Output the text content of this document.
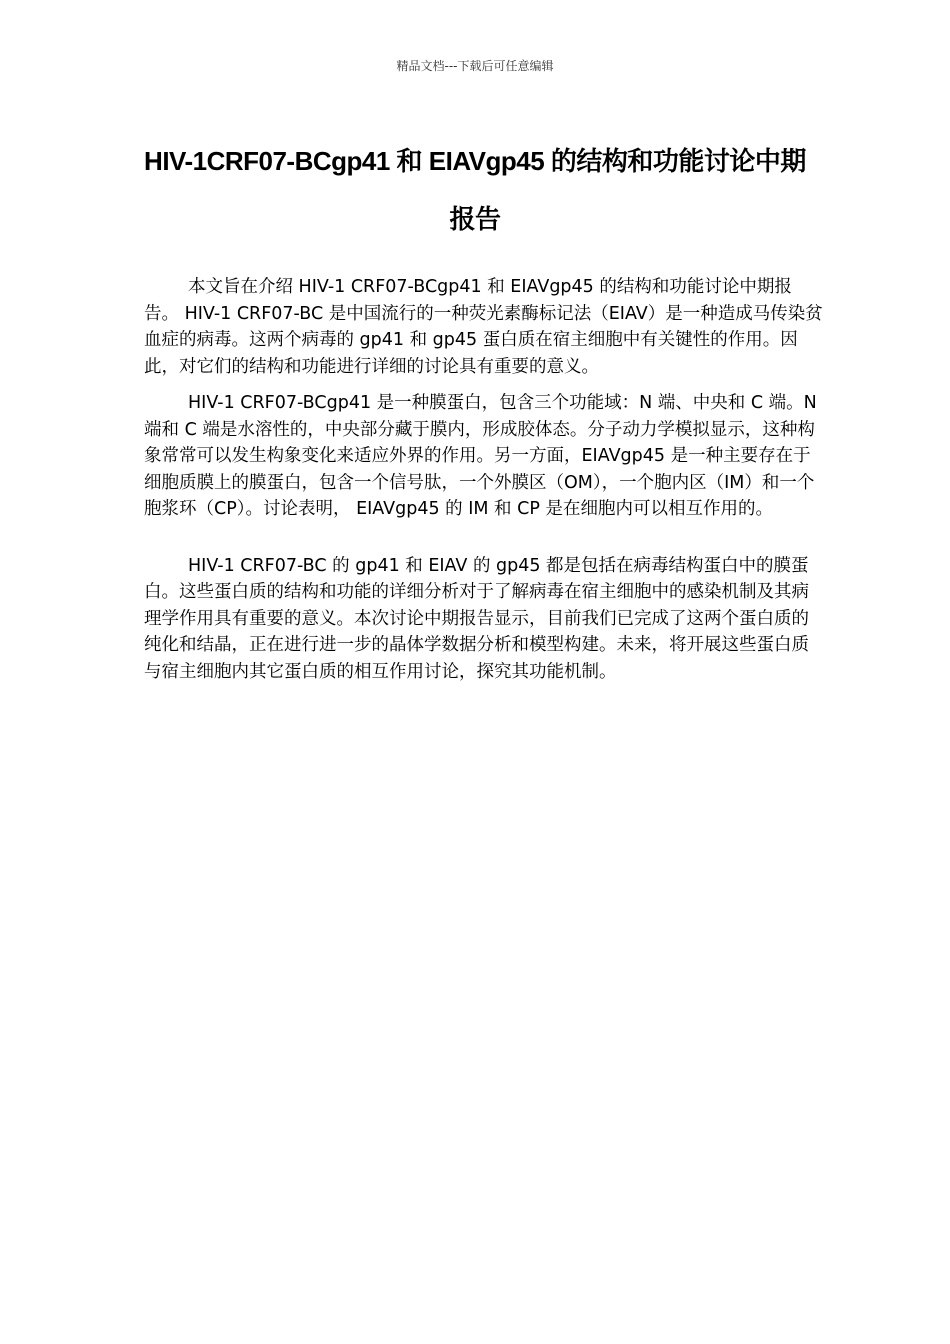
精品文档---下载后可任意编辑
HIV-1CRF07-BCgp41 和 EIAVgp45 的结构和功能讨论中期报告

本文旨在介绍 HIV-1 CRF07-BCgp41 和 EIAVgp45 的结构和功能讨论中期报告。 HIV-1 CRF07-BC 是中国流行的一种荧光素酶标记法（EIAV）是一种造成马传染贫血症的病毒。这两个病毒的 gp41 和 gp45 蛋白质在宿主细胞中有关键性的作用。因此，对它们的结构和功能进行详细的讨论具有重要的意义。

HIV-1 CRF07-BCgp41 是一种膜蛋白，包含三个功能域：N 端、中央和 C 端。N 端和 C 端是水溶性的，中央部分藏于膜内，形成胶体态。分子动力学模拟显示，这种构象常常可以发生构象变化来适应外界的作用。另一方面，EIAVgp45 是一种主要存在于细胞质膜上的膜蛋白，包含一个信号肽，一个外膜区（OM），一个胞内区（IM）和一个胞浆环（CP）。讨论表明， EIAVgp45 的 IM 和 CP 是在细胞内可以相互作用的。

HIV-1 CRF07-BC 的 gp41 和 EIAV 的 gp45 都是包括在病毒结构蛋白中的膜蛋白。这些蛋白质的结构和功能的详细分析对于了解病毒在宿主细胞中的感染机制及其病理学作用具有重要的意义。本次讨论中期报告显示，目前我们已完成了这两个蛋白质的纯化和结晶，正在进行进一步的晶体学数据分析和模型构建。未来，将开展这些蛋白质与宿主细胞内其它蛋白质的相互作用讨论，探究其功能机制。
